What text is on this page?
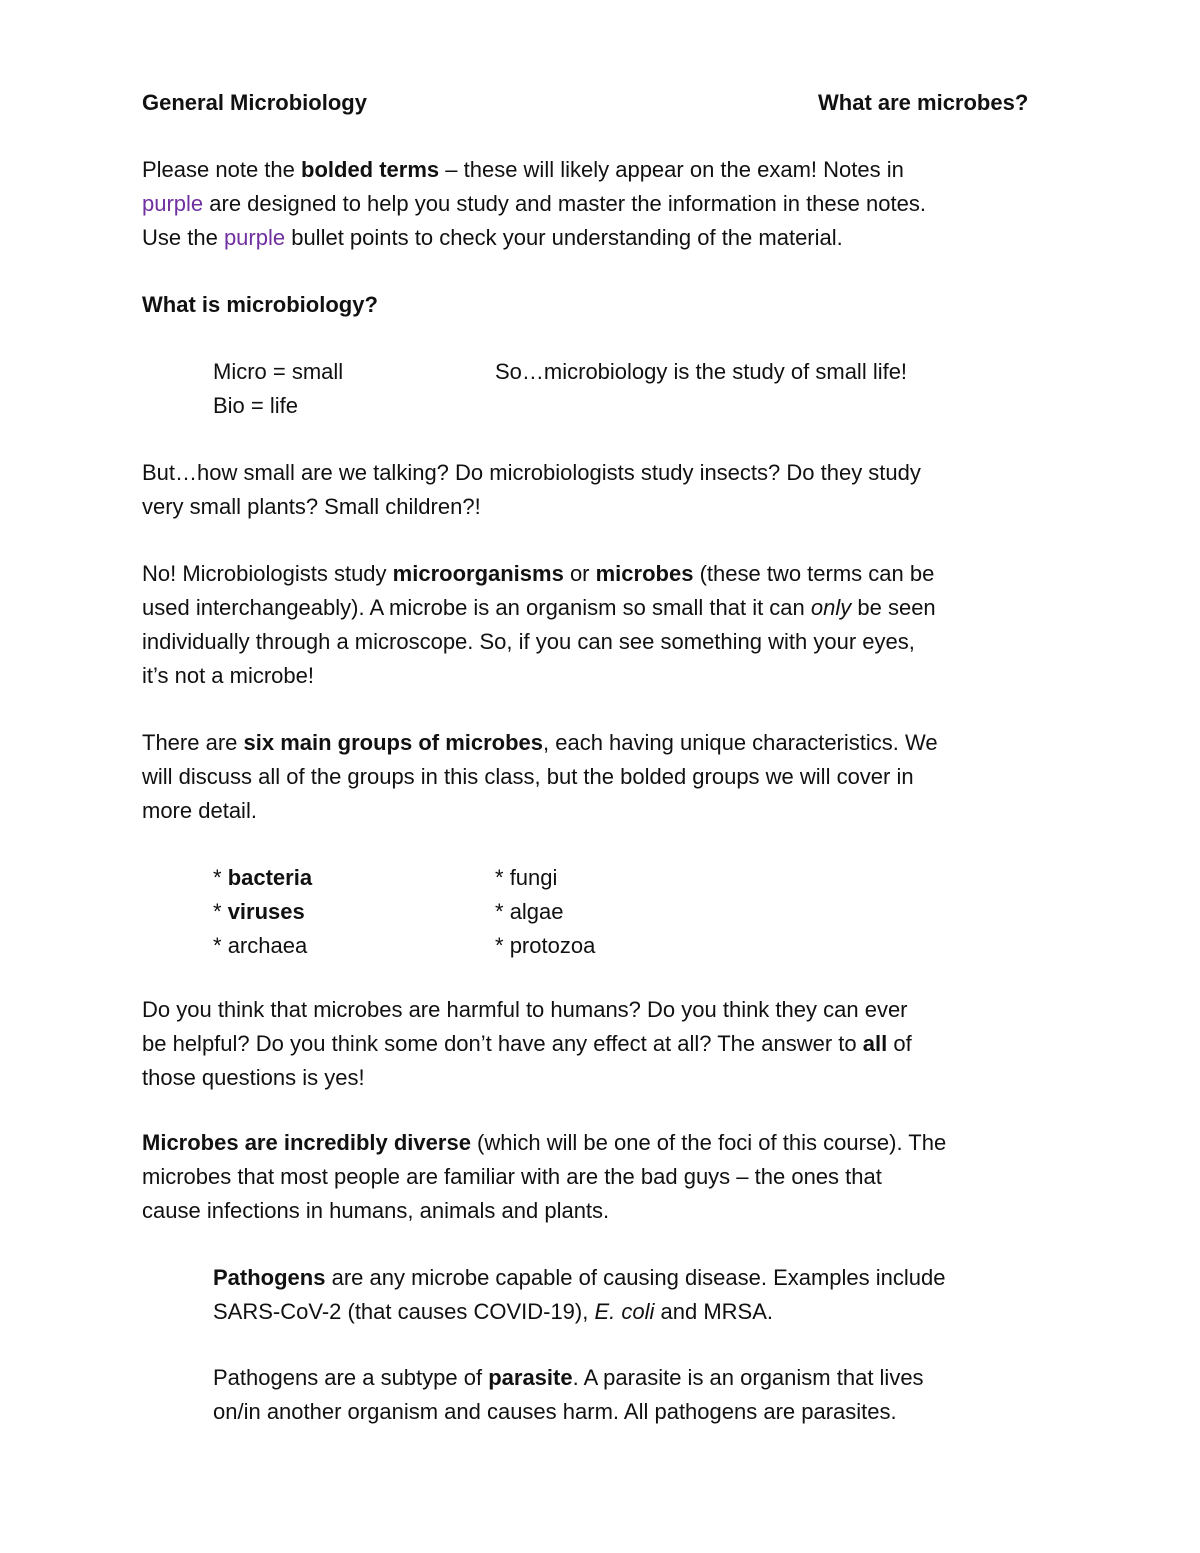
General Microbiology	What are microbes?
Please note the bolded terms – these will likely appear on the exam! Notes in
purple are designed to help you study and master the information in these notes.
Use the purple bullet points to check your understanding of the material.
What is microbiology?
Micro = small	So…microbiology is the study of small life!
Bio = life
But…how small are we talking? Do microbiologists study insects? Do they study
very small plants? Small children?!
No! Microbiologists study microorganisms or microbes (these two terms can be
used interchangeably). A microbe is an organism so small that it can only be seen
individually through a microscope. So, if you can see something with your eyes,
it’s not a microbe!
There are six main groups of microbes, each having unique characteristics. We
will discuss all of the groups in this class, but the bolded groups we will cover in
more detail.
* bacteria	* fungi
* viruses	* algae
* archaea	* protozoa
Do you think that microbes are harmful to humans? Do you think they can ever
be helpful? Do you think some don’t have any effect at all? The answer to all of
those questions is yes!
Microbes are incredibly diverse (which will be one of the foci of this course). The
microbes that most people are familiar with are the bad guys – the ones that
cause infections in humans, animals and plants.
Pathogens are any microbe capable of causing disease. Examples include
SARS-CoV-2 (that causes COVID-19), E. coli and MRSA.
Pathogens are a subtype of parasite. A parasite is an organism that lives
on/in another organism and causes harm. All pathogens are parasites.
